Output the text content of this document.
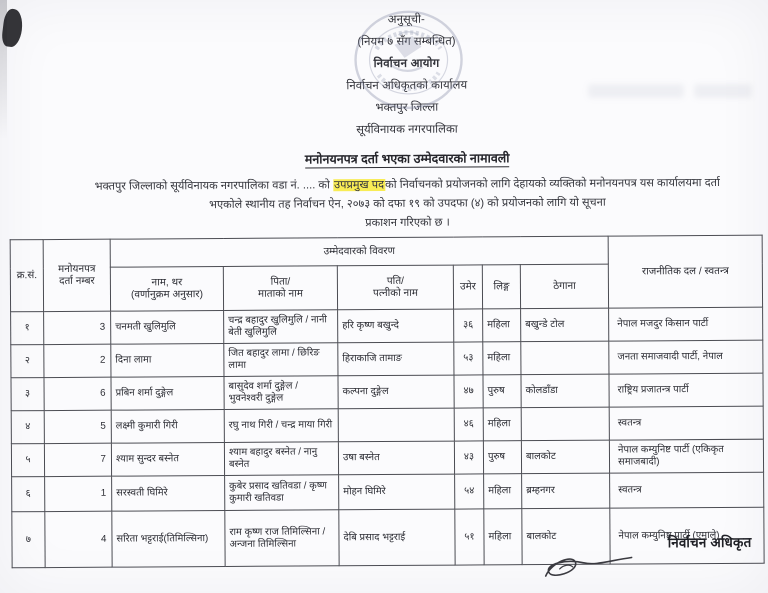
अनुसूची-
(नियम ७ सँग सम्बन्धित)
निर्वाचन आयोग
निर्वाचन अधिकृतको कार्यालय
भक्तपुर जिल्ला
सूर्यविनायक नगरपालिका
मनोनयनपत्र दर्ता भएका उम्मेदवारको नामावली
भक्तपुर जिल्लाको सूर्यविनायक नगरपालिका वडा नं. .... को उपप्रमुख पदको निर्वाचनको प्रयोजनको लागि देहायको व्यक्तिको मनोनयनपत्र यस कार्यालयमा दर्ता
भएकोले स्थानीय तह निर्वाचन ऐन, २०७३ को दफा १९ को उपदफा (४) को प्रयोजनको लागि यो सूचना
प्रकाशन गरिएको छ ।
क्र.सं.	मनोयनपत्र
दर्ता नम्बर	उम्मेदवारको विवरण						राजनीतिक दल / स्वतन्त्र

नाम, थर
(वर्णानुक्रम अनुसार)

पिता/
माताको नाम

पति/
पत्नीको नाम
	उमेर	लिङ्ग	ठेगाना
१	3	चनमती खुलिमुलि	चन्द्र बहादुर खुलिमुलि / नानी बेती खुलिमुलि	हरि कृष्ण बखुन्दे	३६	महिला	बखुन्डे टोल	नेपाल मजदुर किसान पार्टी
२	2	दिना लामा	जित बहादुर लामा / छिरिङ लामा	हिराकाजि तामाङ	५३	महिला		जनता समाजवादी पार्टी, नेपाल
३	6	प्रबिन शर्मा दुङ्गेल	बासुदेव शर्मा दुङ्गेल / भुवनेश्वरी दुङ्गेल	कल्पना दुङ्गेल	४७	पुरुष	कोलडाँडा	राष्ट्रिय प्रजातन्त्र पार्टी
४	5	लक्ष्मी कुमारी गिरी	रघु नाथ गिरी / चन्द्र माया गिरी		४६	महिला		स्वतन्त्र
५	7	श्याम सुन्दर बस्नेत	श्याम बहादुर बस्नेत / नानु बस्नेत	उषा बस्नेत	४३	पुरुष	बालकोट	नेपाल कम्युनिष्ट पार्टी (एकिकृत समाजबादी)
६	1	सरस्वती घिमिरे	कुबेर प्रसाद खतिवडा / कृष्ण कुमारी खतिवडा	मोहन घिमिरे	५४	महिला	ब्रम्हनगर	स्वतन्त्र
७	4	सरिता भट्टराई(तिमिल्सिना)	राम कृष्ण राज तिमिल्सिना / अन्जना तिमिल्सिना	देबि प्रसाद भट्टराई	५१	महिला	बालकोट	नेपाल कम्युनिष्ट पार्टी (एमाले)
निर्वाचन अधिकृत
